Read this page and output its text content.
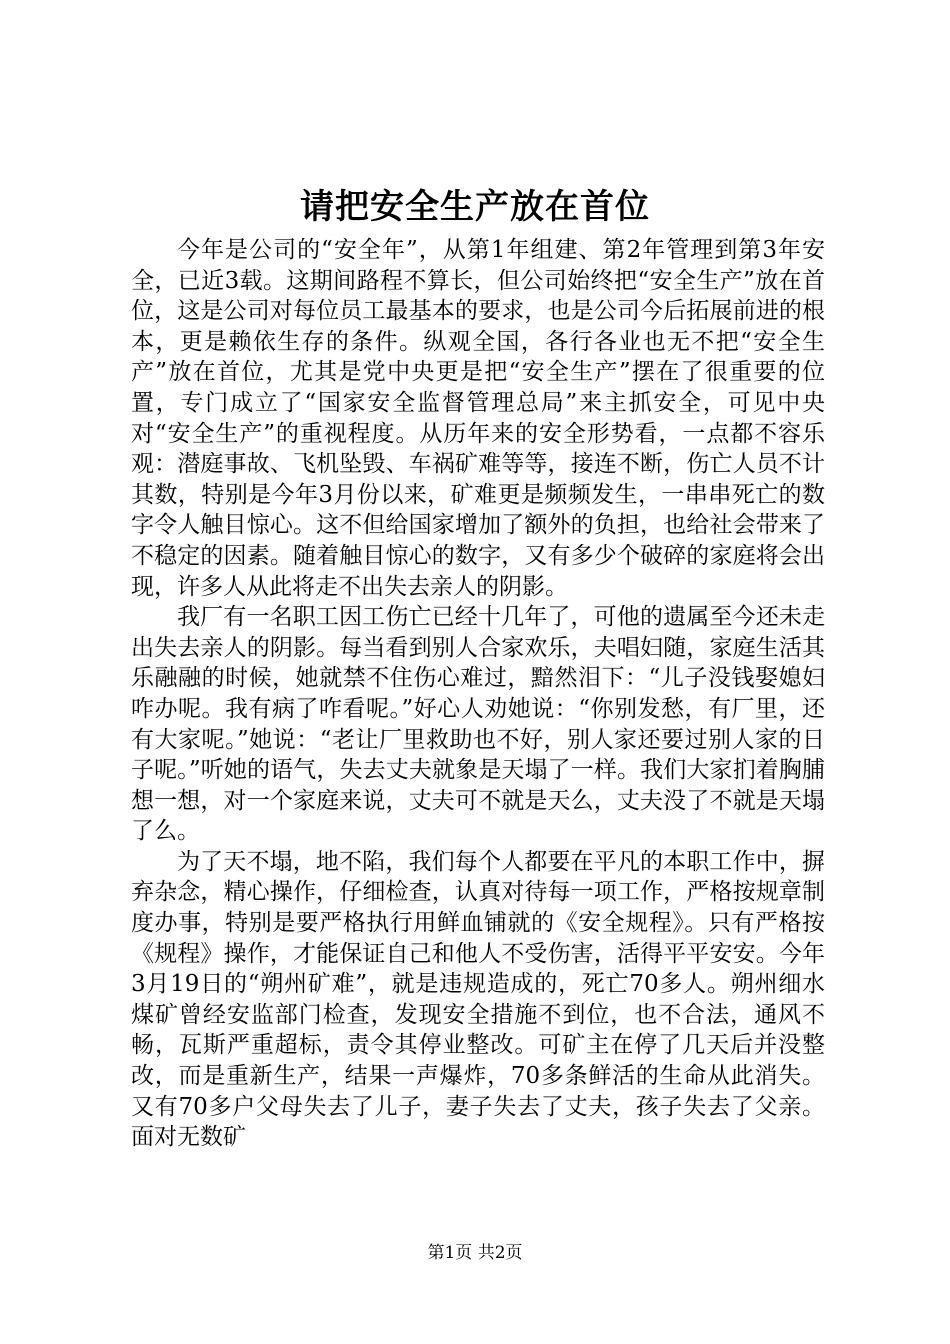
请把安全生产放在首位

今年是公司的“安全年”，从第1年组建、第2年管理到第3年安全，已近3载。这期间路程不算长，但公司始终把“安全生产”放在首位，这是公司对每位员工最基本的要求，也是公司今后拓展前进的根本，更是赖依生存的条件。纵观全国，各行各业也无不把“安全生产”放在首位，尤其是党中央更是把“安全生产”摆在了很重要的位置，专门成立了“国家安全监督管理总局”来主抓安全，可见中央对“安全生产”的重视程度。从历年来的安全形势看，一点都不容乐观：潜庭事故、飞机坠毁、车祸矿难等等，接连不断，伤亡人员不计其数，特别是今年3月份以来，矿难更是频频发生，一串串死亡的数字令人触目惊心。这不但给国家增加了额外的负担，也给社会带来了不稳定的因素。随着触目惊心的数字，又有多少个破碎的家庭将会出现，许多人从此将走不出失去亲人的阴影。

我厂有一名职工因工伤亡已经十几年了，可他的遗属至今还未走出失去亲人的阴影。每当看到别人合家欢乐，夫唱妇随，家庭生活其乐融融的时候，她就禁不住伤心难过，黯然泪下：“儿子没钱娶媳妇咋办呢。我有病了咋看呢。”好心人劝她说：“你别发愁，有厂里，还有大家呢。”她说：“老让厂里救助也不好，别人家还要过别人家的日子呢。”听她的语气，失去丈夫就象是天塌了一样。我们大家扪着胸脯想一想，对一个家庭来说，丈夫可不就是天么，丈夫没了不就是天塌了么。

为了天不塌，地不陷，我们每个人都要在平凡的本职工作中，摒弃杂念，精心操作，仔细检查，认真对待每一项工作，严格按规章制度办事，特别是要严格执行用鲜血铺就的《安全规程》。只有严格按《规程》操作，才能保证自己和他人不受伤害，活得平平安安。今年3月19日的“朔州矿难”，就是违规造成的，死亡70多人。朔州细水煤矿曾经安监部门检查，发现安全措施不到位，也不合法，通风不畅，瓦斯严重超标，责令其停业整改。可矿主在停了几天后并没整改，而是重新生产，结果一声爆炸，70多条鲜活的生命从此消失。又有70多户父母失去了儿子，妻子失去了丈夫，孩子失去了父亲。面对无数矿

第1页 共2页
